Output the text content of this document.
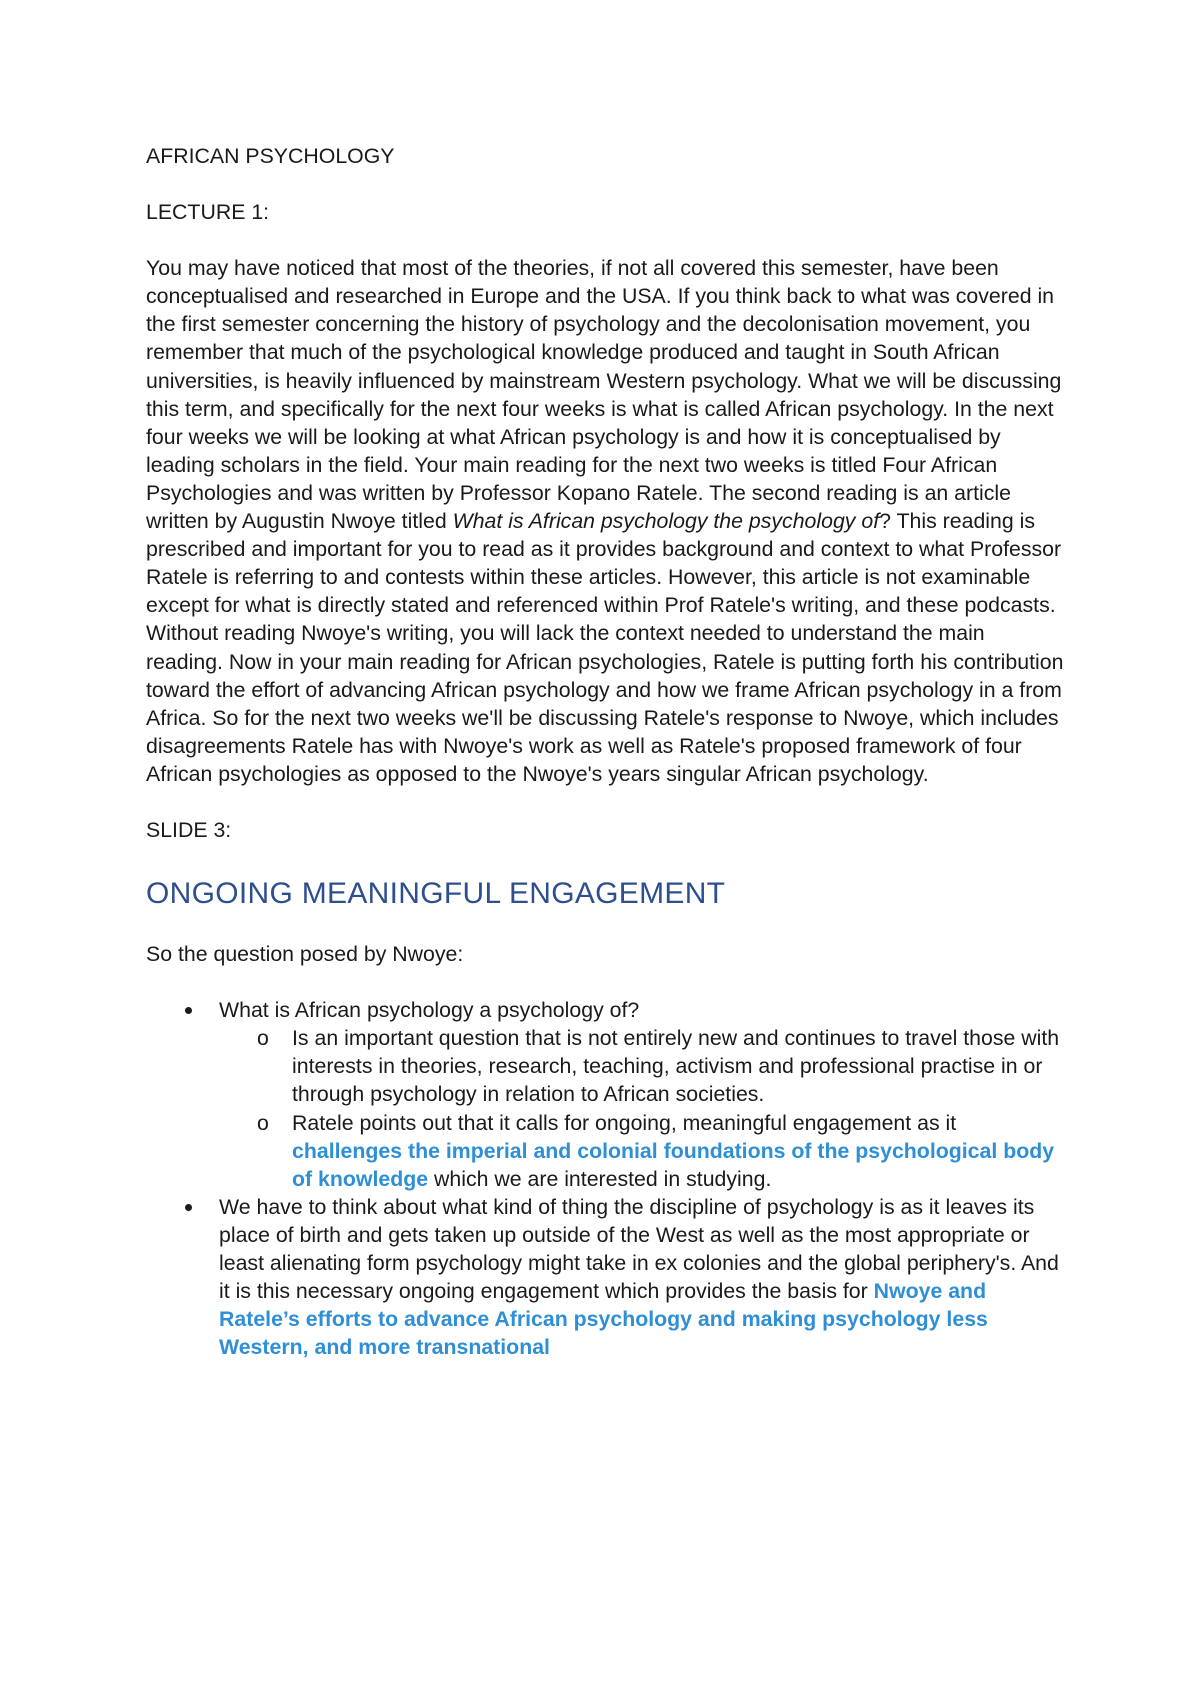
AFRICAN PSYCHOLOGY

LECTURE 1:

You may have noticed that most of the theories, if not all covered this semester, have been conceptualised and researched in Europe and the USA. If you think back to what was covered in the first semester concerning the history of psychology and the decolonisation movement, you remember that much of the psychological knowledge produced and taught in South African universities, is heavily influenced by mainstream Western psychology. What we will be discussing this term, and specifically for the next four weeks is what is called African psychology. In the next four weeks we will be looking at what African psychology is and how it is conceptualised by leading scholars in the field. Your main reading for the next two weeks is titled Four African Psychologies and was written by Professor Kopano Ratele. The second reading is an article written by Augustin Nwoye titled What is African psychology the psychology of? This reading is prescribed and important for you to read as it provides background and context to what Professor Ratele is referring to and contests within these articles. However, this article is not examinable except for what is directly stated and referenced within Prof Ratele's writing, and these podcasts. Without reading Nwoye's writing, you will lack the context needed to understand the main reading. Now in your main reading for African psychologies, Ratele is putting forth his contribution toward the effort of advancing African psychology and how we frame African psychology in a from Africa. So for the next two weeks we'll be discussing Ratele's response to Nwoye, which includes disagreements Ratele has with Nwoye's work as well as Ratele's proposed framework of four African psychologies as opposed to the Nwoye's years singular African psychology.

SLIDE 3:

ONGOING MEANINGFUL ENGAGEMENT

So the question posed by Nwoye:

What is African psychology a psychology of?
o Is an important question that is not entirely new and continues to travel those with interests in theories, research, teaching, activism and professional practise in or through psychology in relation to African societies.
o Ratele points out that it calls for ongoing, meaningful engagement as it challenges the imperial and colonial foundations of the psychological body of knowledge which we are interested in studying.
We have to think about what kind of thing the discipline of psychology is as it leaves its place of birth and gets taken up outside of the West as well as the most appropriate or least alienating form psychology might take in ex colonies and the global periphery's. And it is this necessary ongoing engagement which provides the basis for Nwoye and Ratele’s efforts to advance African psychology and making psychology less Western, and more transnational
